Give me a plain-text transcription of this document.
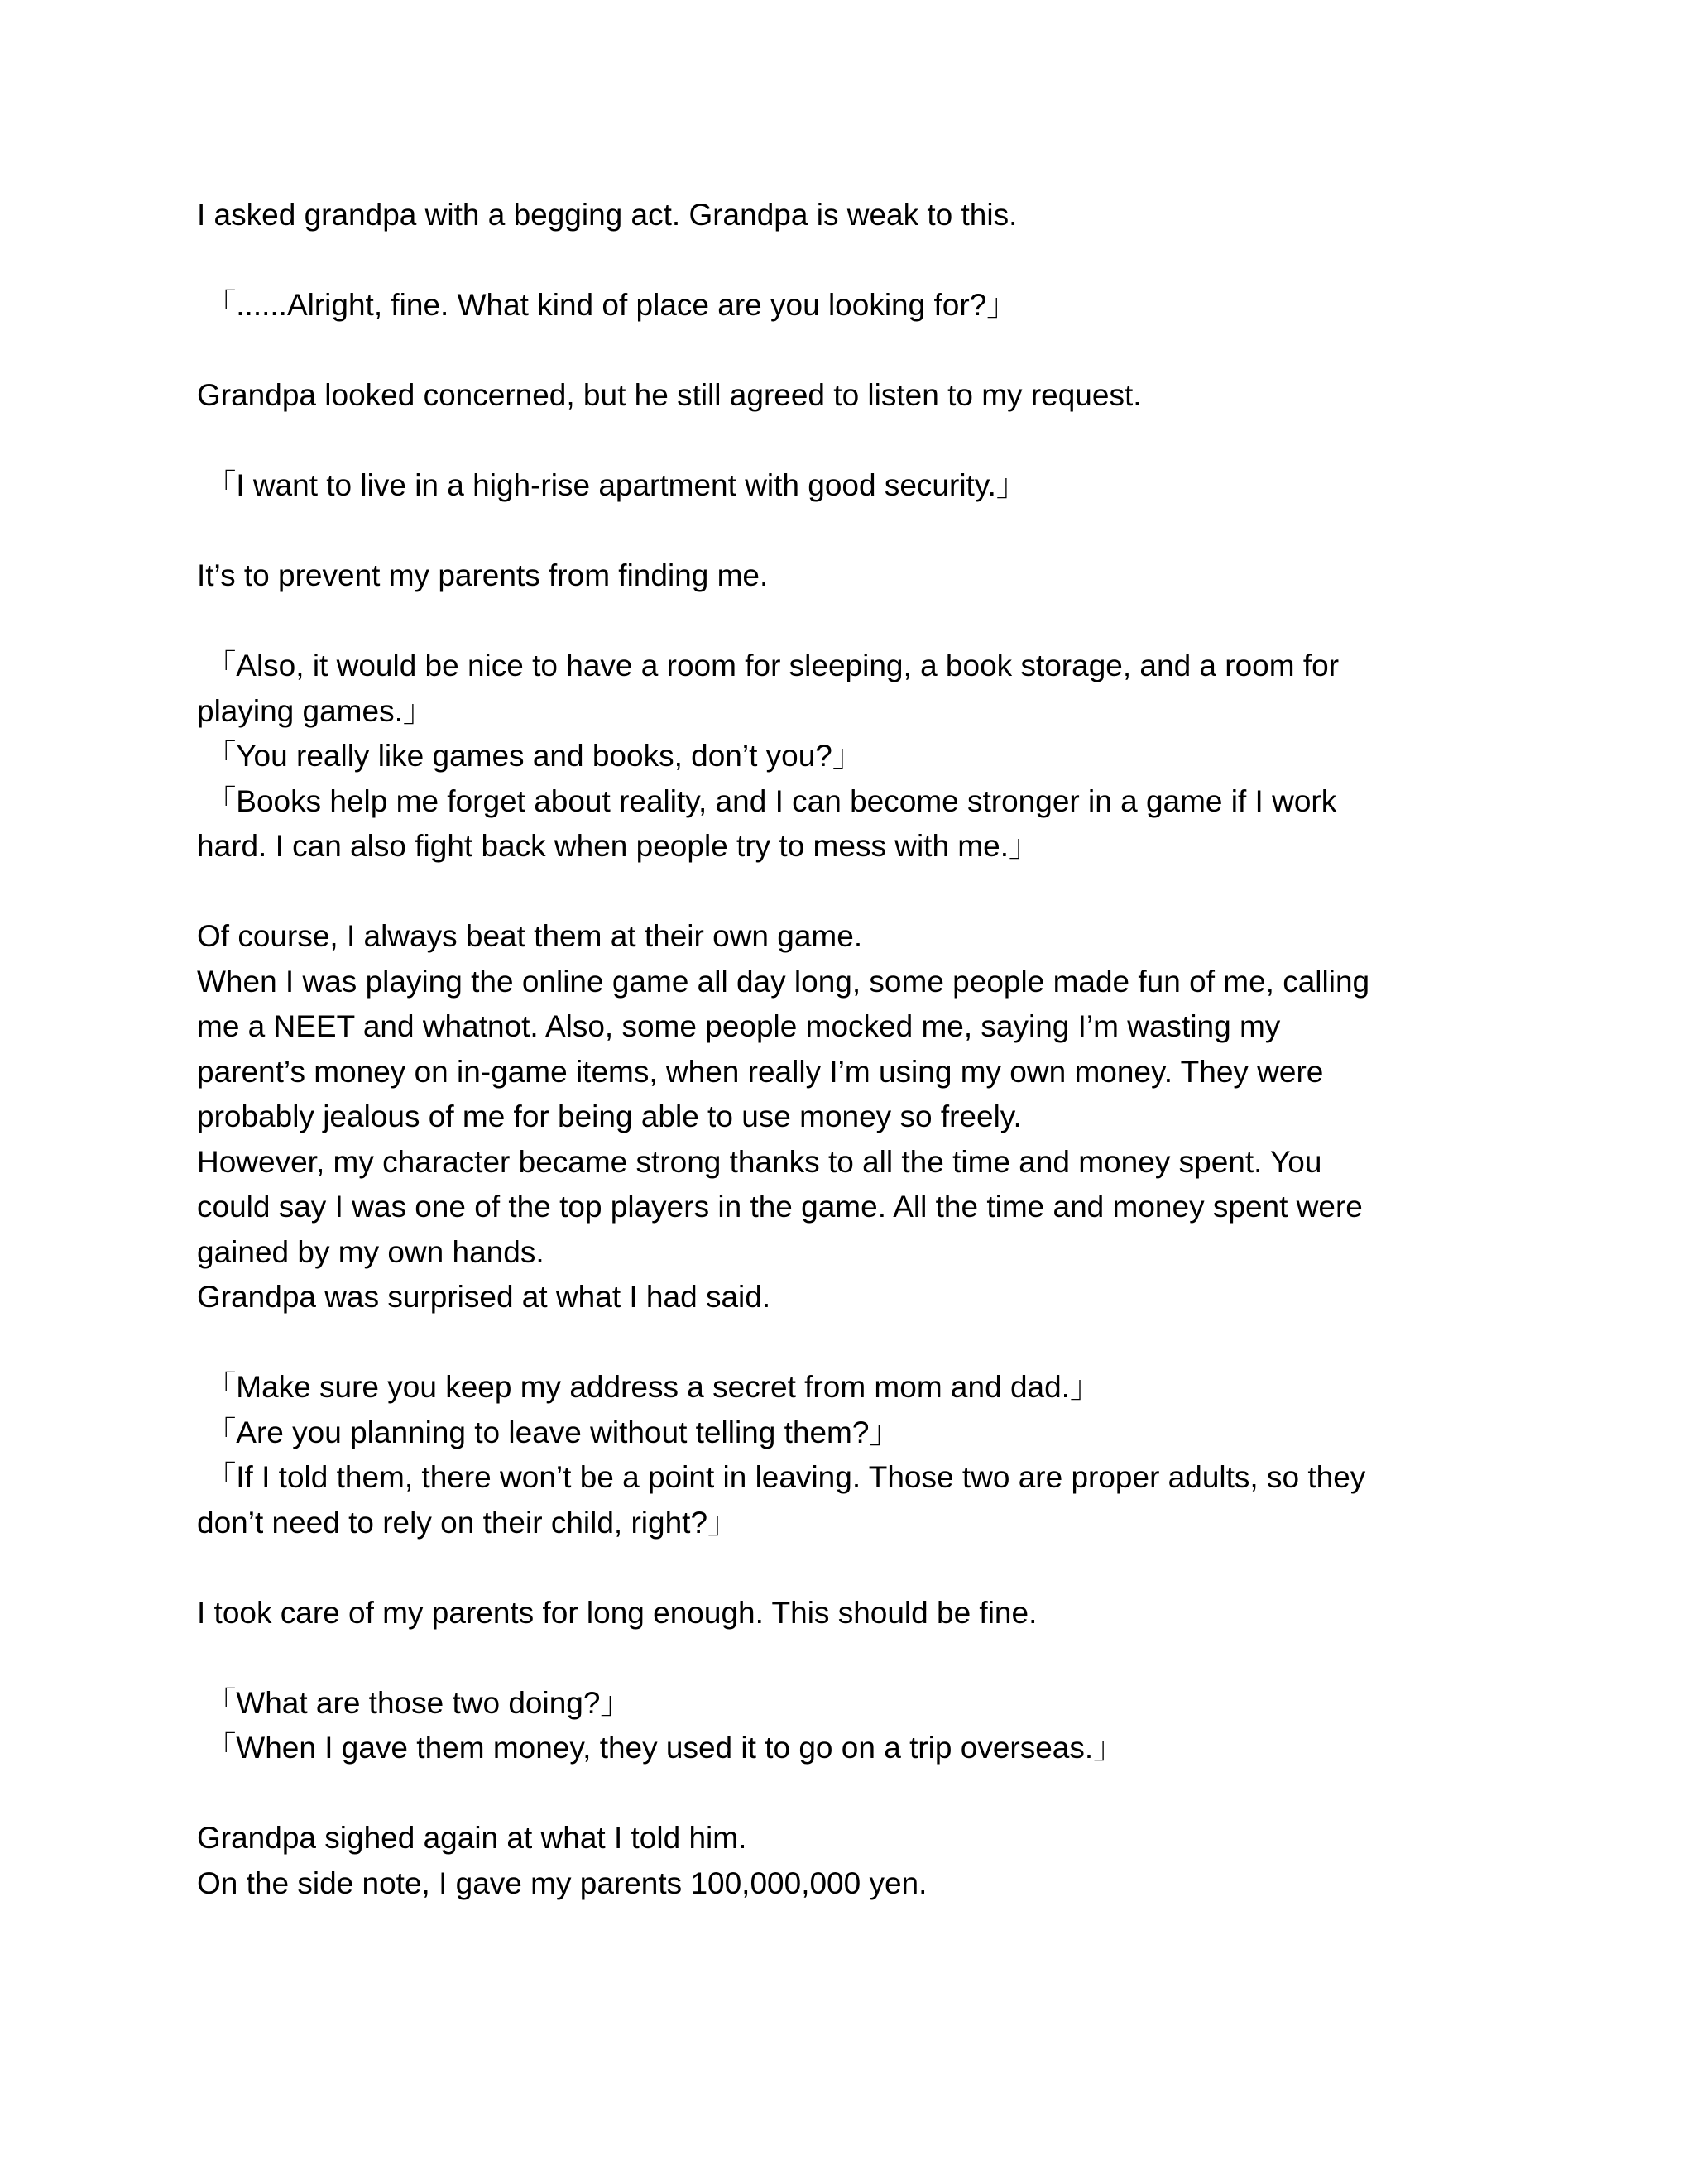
I asked grandpa with a begging act. Grandpa is weak to this.
「......Alright, fine. What kind of place are you looking for?」
Grandpa looked concerned, but he still agreed to listen to my request.
「I want to live in a high-rise apartment with good security.」
It’s to prevent my parents from finding me.
「Also, it would be nice to have a room for sleeping, a book storage, and a room for
playing games.」
「You really like games and books, don’t you?」
「Books help me forget about reality, and I can become stronger in a game if I work
hard. I can also fight back when people try to mess with me.」
Of course, I always beat them at their own game.
When I was playing the online game all day long, some people made fun of me, calling
me a NEET and whatnot. Also, some people mocked me, saying I’m wasting my
parent’s money on in-game items, when really I’m using my own money. They were
probably jealous of me for being able to use money so freely.
However, my character became strong thanks to all the time and money spent. You
could say I was one of the top players in the game. All the time and money spent were
gained by my own hands.
Grandpa was surprised at what I had said.
「Make sure you keep my address a secret from mom and dad.」
「Are you planning to leave without telling them?」
「If I told them, there won’t be a point in leaving. Those two are proper adults, so they
don’t need to rely on their child, right?」
I took care of my parents for long enough. This should be fine.
「What are those two doing?」
「When I gave them money, they used it to go on a trip overseas.」
Grandpa sighed again at what I told him.
On the side note, I gave my parents 100,000,000 yen.
